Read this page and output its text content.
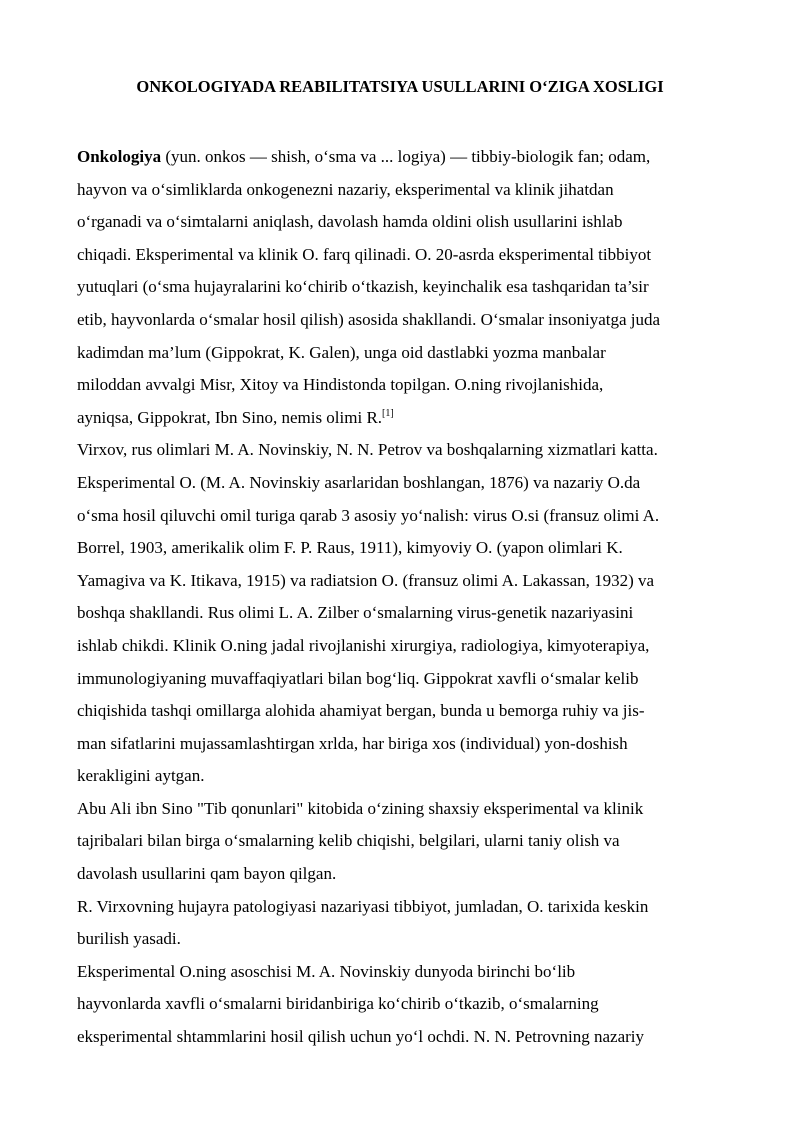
ONKOLOGIYADA REABILITATSIYA USULLARINI O‘ZIGA XOSLIGI
Onkologiya (yun. onkos — shish, o‘sma va ... logiya) — tibbiy-biologik fan; odam,
hayvon va o‘simliklarda onkogenezni nazariy, eksperimental va klinik jihatdan
o‘rganadi va o‘simtalarni aniqlash, davolash hamda oldini olish usullarini ishlab
chiqadi. Eksperimental va klinik O. farq qilinadi. O. 20-asrda eksperimental tibbiyot
yutuqlari (o‘sma hujayralarini ko‘chirib o‘tkazish, keyinchalik esa tashqaridan ta’sir
etib, hayvonlarda o‘smalar hosil qilish) asosida shakllandi. O‘smalar insoniyatga juda
kadimdan ma’lum (Gippokrat, K. Galen), unga oid dastlabki yozma manbalar
miloddan avvalgi Misr, Xitoy va Hindistonda topilgan. O.ning rivojlanishida,
ayniqsa, Gippokrat, Ibn Sino, nemis olimi R.[1]
Virxov, rus olimlari M. A. Novinskiy, N. N. Petrov va boshqalarning xizmatlari katta.
Eksperimental O. (M. A. Novinskiy asarlaridan boshlangan, 1876) va nazariy O.da
o‘sma hosil qiluvchi omil turiga qarab 3 asosiy yo‘nalish: virus O.si (fransuz olimi A.
Borrel, 1903, amerikalik olim F. P. Raus, 1911), kimyoviy O. (yapon olimlari K.
Yamagiva va K. Itikava, 1915) va radiatsion O. (fransuz olimi A. Lakassan, 1932) va
boshqa shakllandi. Rus olimi L. A. Zilber o‘smalarning virus-genetik nazariyasini
ishlab chikdi. Klinik O.ning jadal rivojlanishi xirurgiya, radiologiya, kimyoterapiya,
immunologiyaning muvaffaqiyatlari bilan bog‘liq. Gippokrat xavfli o‘smalar kelib
chiqishida tashqi omillarga alohida ahamiyat bergan, bunda u bemorga ruhiy va jis-
man sifatlarini mujassamlashtirgan xrlda, har biriga xos (individual) yon-doshish
kerakligini aytgan.
Abu Ali ibn Sino "Tib qonunlari" kitobida o‘zining shaxsiy eksperimental va klinik
tajribalari bilan birga o‘smalarning kelib chiqishi, belgilari, ularni taniy olish va
davolash usullarini qam bayon qilgan.
R. Virxovning hujayra patologiyasi nazariyasi tibbiyot, jumladan, O. tarixida keskin
burilish yasadi.
Eksperimental O.ning asoschisi M. A. Novinskiy dunyoda birinchi bo‘lib
hayvonlarda xavfli o‘smalarni biridanbiriga ko‘chirib o‘tkazib, o‘smalarning
eksperimental shtammlarini hosil qilish uchun yo‘l ochdi. N. N. Petrovning nazariy
